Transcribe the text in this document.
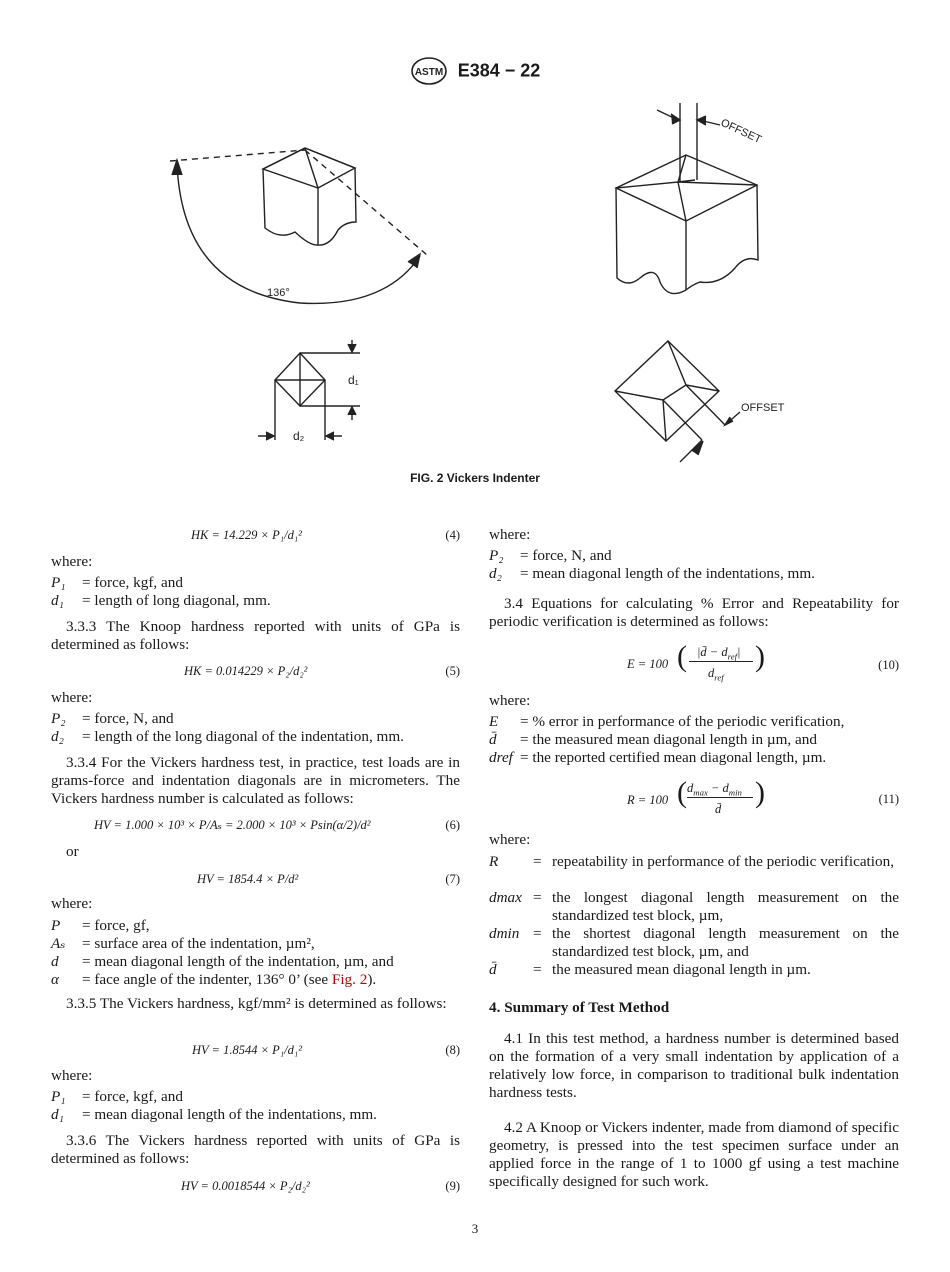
ASTM E384 − 22
136°
d₁
d₂
OFFSET
OFFSET
FIG. 2 Vickers Indenter
HK = 14.229 × P₁/d₁²	(4)
where:
P₁ = force, kgf, and
d₁ = length of long diagonal, mm.
3.3.3 The Knoop hardness reported with units of GPa is determined as follows:
HK = 0.014229 × P₂/d₂²	(5)
where:
P₂ = force, N, and
d₂ = length of the long diagonal of the indentation, mm.
3.3.4 For the Vickers hardness test, in practice, test loads are in grams-force and indentation diagonals are in micrometers. The Vickers hardness number is calculated as follows:
HV = 1.000 × 10³ × P/Aₛ = 2.000 × 10³ × Psin(α/2)/d²	(6)
or
HV = 1854.4 × P/d²	(7)
where:
P = force, gf,
Aₛ = surface area of the indentation, µm²,
d = mean diagonal length of the indentation, µm, and
α = face angle of the indenter, 136° 0’ (see Fig. 2).
3.3.5 The Vickers hardness, kgf/mm² is determined as follows:
HV = 1.8544 × P₁/d₁²	(8)
where:
P₁ = force, kgf, and
d₁ = mean diagonal length of the indentations, mm.
3.3.6 The Vickers hardness reported with units of GPa is determined as follows:
HV = 0.0018544 × P₂/d₂²	(9)
where:
P₂ = force, N, and
d₂ = mean diagonal length of the indentations, mm.
3.4 Equations for calculating % Error and Repeatability for periodic verification is determined as follows:
E = 100 ( |d̄ − $d_{ref}|$
$d_{ref}$
)	(10)
where:
E = % error in performance of the periodic verification,
d̄ = the measured mean diagonal length in µm, and
dref = the reported certified mean diagonal length, µm.
R = 100 ( $d_{max} - d_{min}$
d̄ )	(11)
where:
R = repeatability in performance of the periodic verification,
dmax = the longest diagonal length measurement on the standardized test block, µm,
dmin = the shortest diagonal length measurement on the standardized test block, µm, and
d̄ = the measured mean diagonal length in µm.
4. Summary of Test Method
4.1 In this test method, a hardness number is determined based on the formation of a very small indentation by application of a relatively low force, in comparison to traditional bulk indentation hardness tests.
4.2 A Knoop or Vickers indenter, made from diamond of specific geometry, is pressed into the test specimen surface under an applied force in the range of 1 to 1000 gf using a test machine specifically designed for such work.
3
